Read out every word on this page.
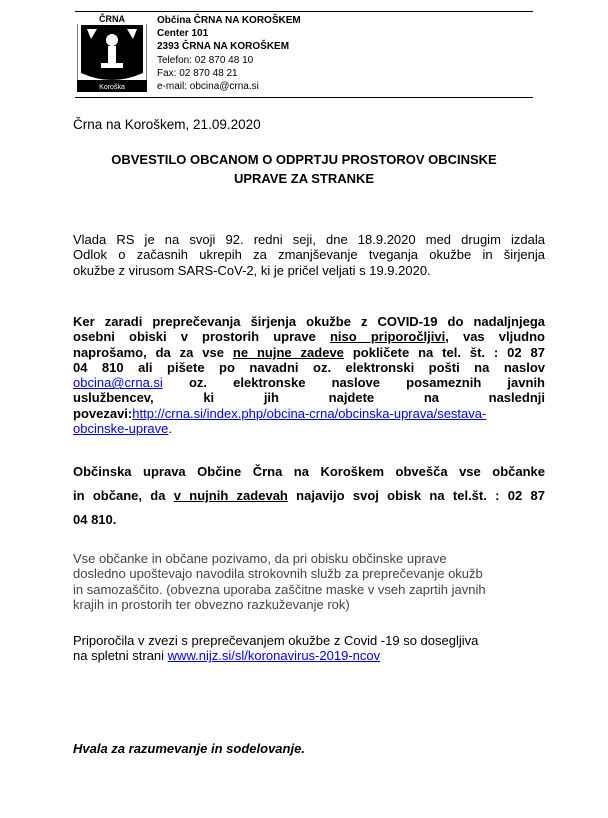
ČRNA
Koroška
Občina ČRNA NA KOROŠKEM
Center 101
2393 ČRNA NA KOROŠKEM
Telefon: 02 870 48 10
Fax: 02 870 48 21
e-mail: obcina@crna.si
Črna na Koroškem, 21.09.2020
OBVESTILO OBCANOM O ODPRTJU PROSTOROV OBCINSKE
UPRAVE ZA STRANKE
Vlada RS je na svoji 92. redni seji, dne 18.9.2020 med drugim izdala
Odlok o začasnih ukrepih za zmanjševanje tveganja okužbe in širjenja
okužbe z virusom SARS-CoV-2, ki je pričel veljati s 19.9.2020.
Ker zaradi preprečevanja širjenja okužbe z COVID-19 do nadaljnjega
osebni obiski v prostorih uprave niso priporočljivi, vas vljudno
naprošamo, da za vse ne nujne zadeve pokličete na tel. št. : 02 87
04 810 ali pišete po navadni oz. elektronski pošti na naslov
obcina@crna.si oz. elektronske naslove posameznih javnih
uslužbencev, ki jih najdete na naslednji
povezavi:http://crna.si/index.php/obcina-crna/obcinska-uprava/sestava-
obcinske-uprave.
Občinska uprava Občine Črna na Koroškem obvešča vse občanke
in občane, da v nujnih zadevah najavijo svoj obisk na tel.št. : 02 87
04 810.
Vse občanke in občane pozivamo, da pri obisku občinske uprave
dosledno upoštevajo navodila strokovnih služb za preprečevanje okužb
in samozaščito. (obvezna uporaba zaščitne maske v vseh zaprtih javnih
krajih in prostorih ter obvezno razkuževanje rok)
Priporočila v zvezi s preprečevanjem okužbe z Covid -19 so dosegljiva
na spletni strani www.nijz.si/sl/koronavirus-2019-ncov
Hvala za razumevanje in sodelovanje.
